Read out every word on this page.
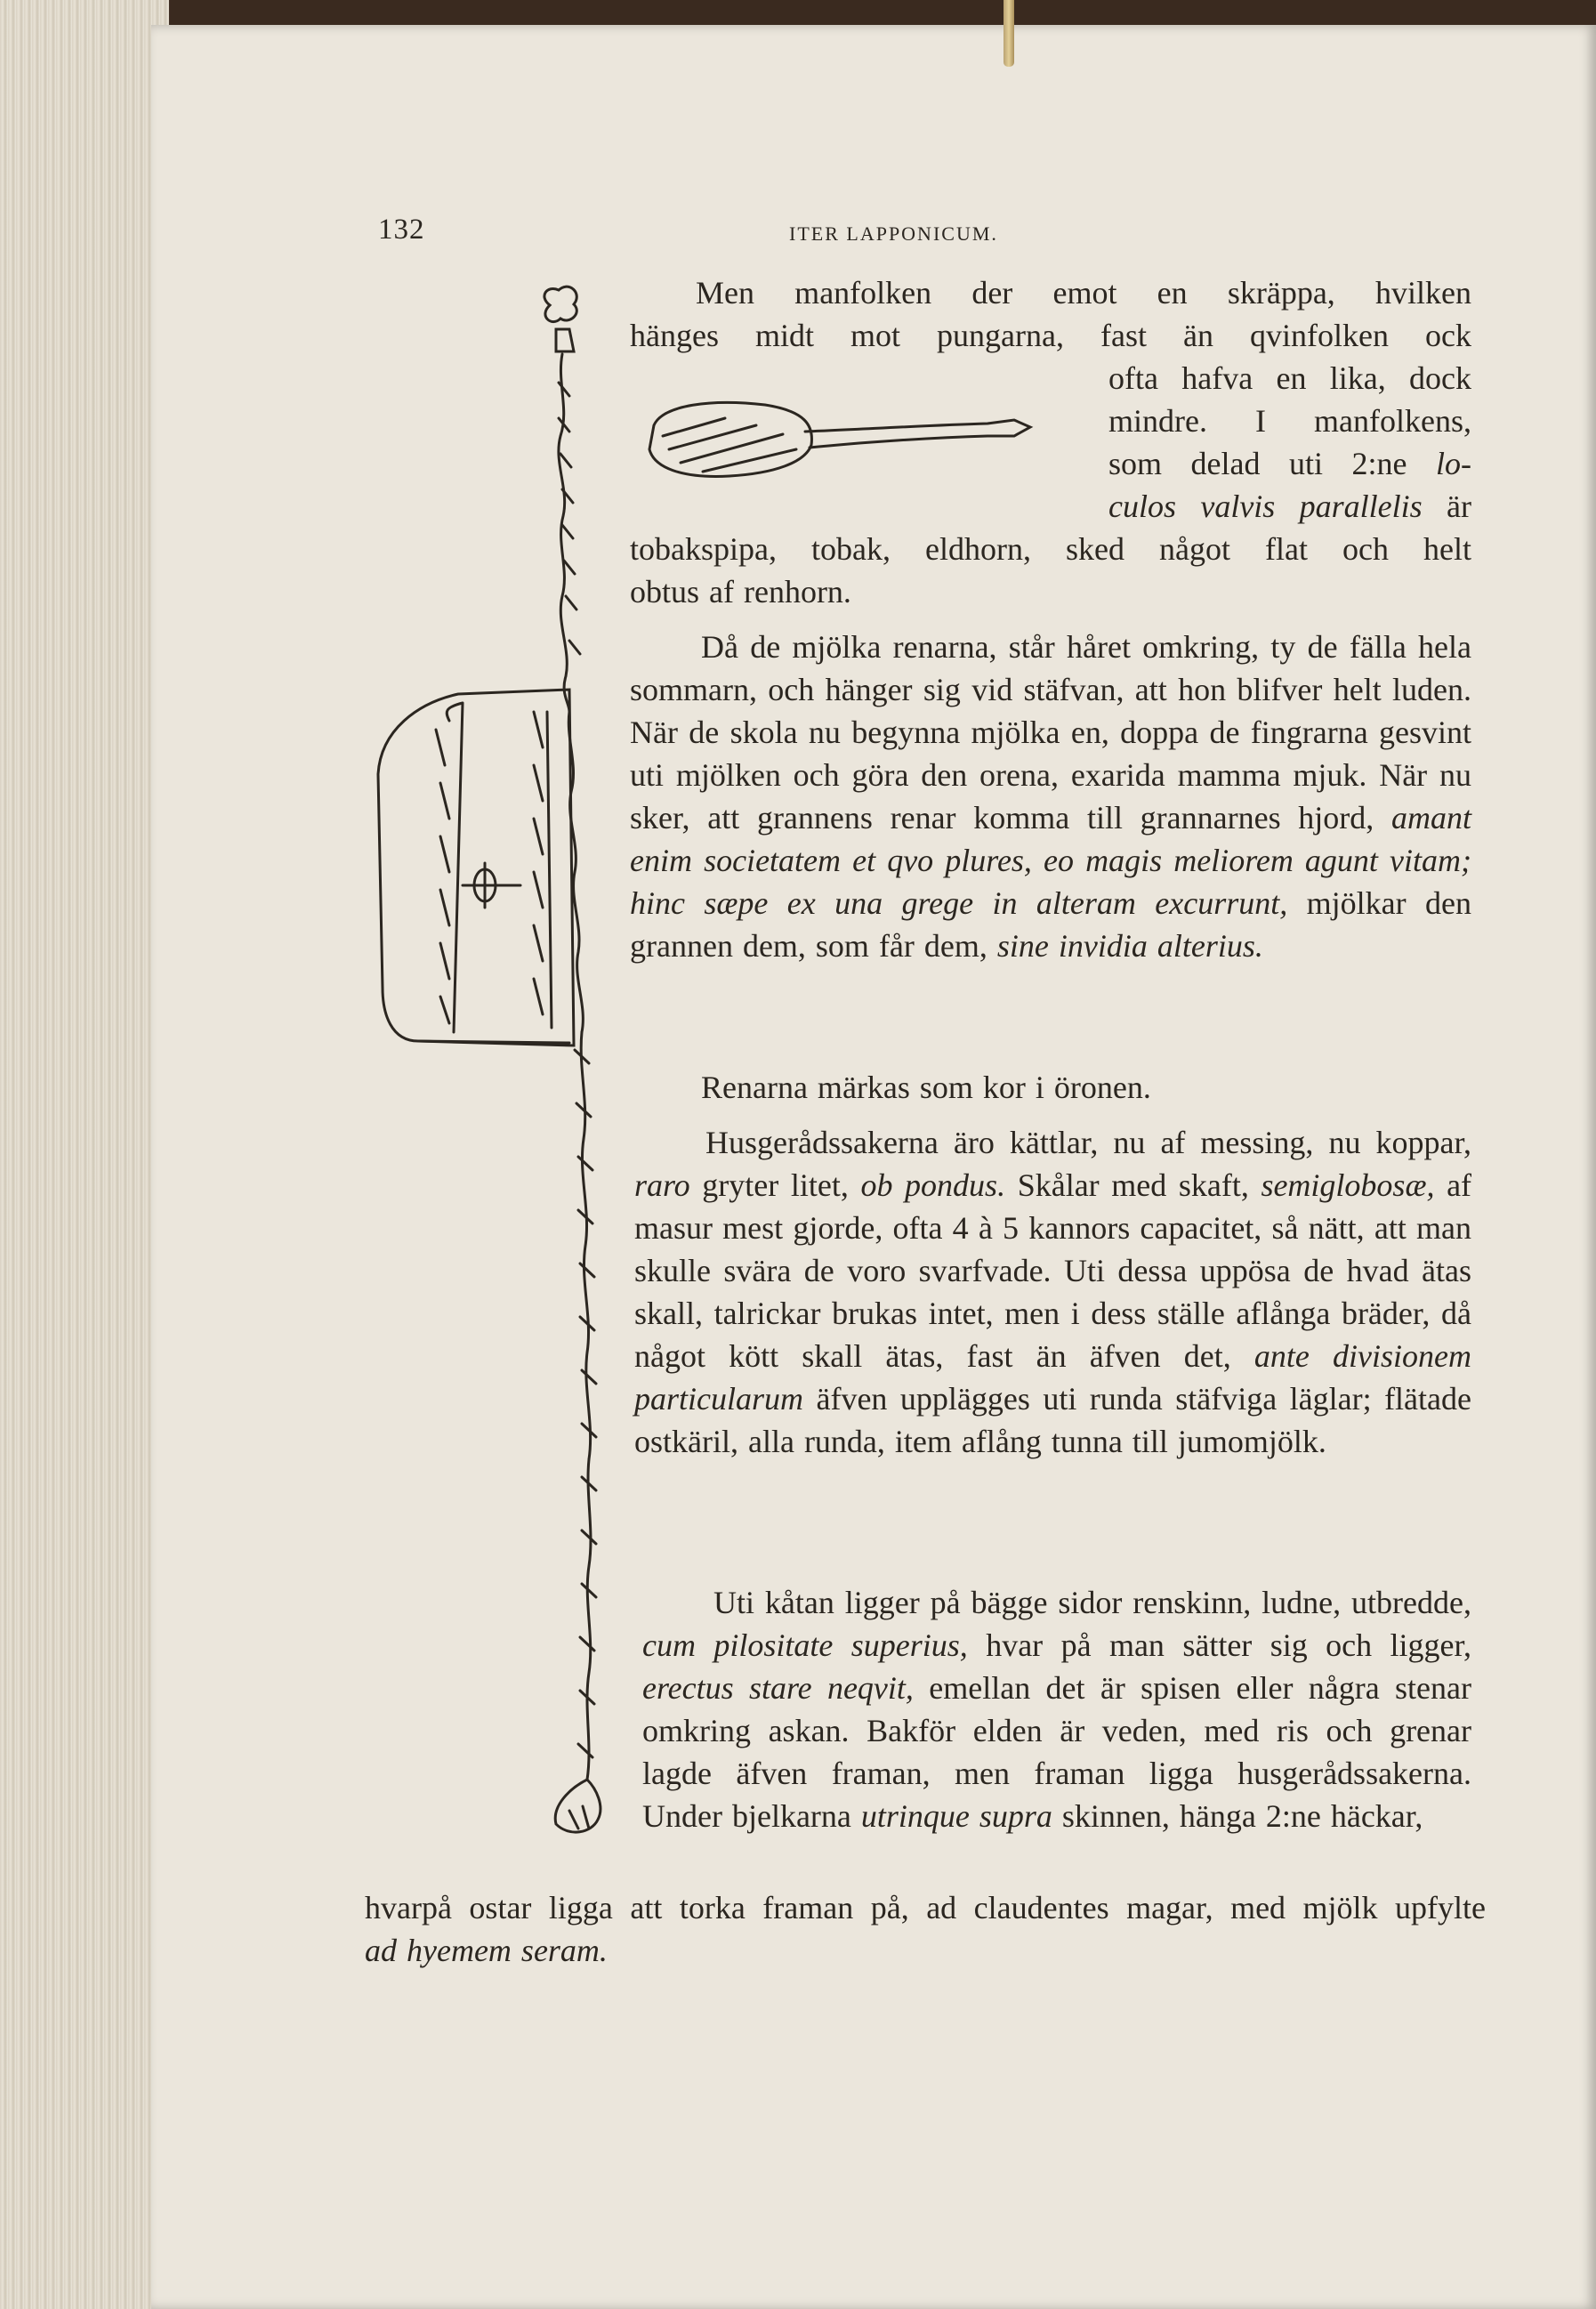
132	ITER LAPPONICUM.
Men manfolken der emot en skräppa, hvilken
hänges midt mot pungarna, fast än qvinfolken ock
ofta hafva en lika, dock
mindre. I manfolkens,
som delad uti 2:ne lo-
culos valvis parallelis är
tobakspipa, tobak, eldhorn, sked något flat och helt
obtus af renhorn.

Då de mjölka renarna, står håret omkring, ty de fälla hela sommarn, och hänger sig vid stäfvan, att hon blifver helt luden. När de skola nu begynna mjölka en, doppa de fingrarna gesvint uti mjölken och göra den orena, exarida mamma mjuk. När nu sker, att grannens renar komma till grannarnes hjord, amant enim societatem et qvo plures, eo magis meliorem agunt vitam; hinc sæpe ex una grege in alteram excurrunt, mjölkar den grannen dem, som får dem, sine invidia alterius.

Renarna märkas som kor i öronen.

Husgerådssakerna äro kättlar, nu af messing, nu koppar, raro gryter litet, ob pondus. Skålar med skaft, semiglobosæ, af masur mest gjorde, ofta 4 à 5 kannors capacitet, så nätt, att man skulle svära de voro svarfvade. Uti dessa uppösa de hvad ätas skall, talrickar brukas intet, men i dess ställe aflånga bräder, då något kött skall ätas, fast än äfven det, ante divisionem particularum äfven upplägges uti runda stäfviga läglar; flätade ostkäril, alla runda, item aflång tunna till jumomjölk.

Uti kåtan ligger på bägge sidor renskinn, ludne, utbredde, cum pilositate superius, hvar på man sätter sig och ligger, erectus stare neqvit, emellan det är spisen eller några stenar omkring askan. Bakför elden är veden, med ris och grenar lagde äfven framan, men framan ligga husgerådssakerna. Under bjelkarna utrinque supra skinnen, hänga 2:ne häckar,

hvarpå ostar ligga att torka framan på, ad claudentes magar, med mjölk upfylte
ad hyemem seram.
